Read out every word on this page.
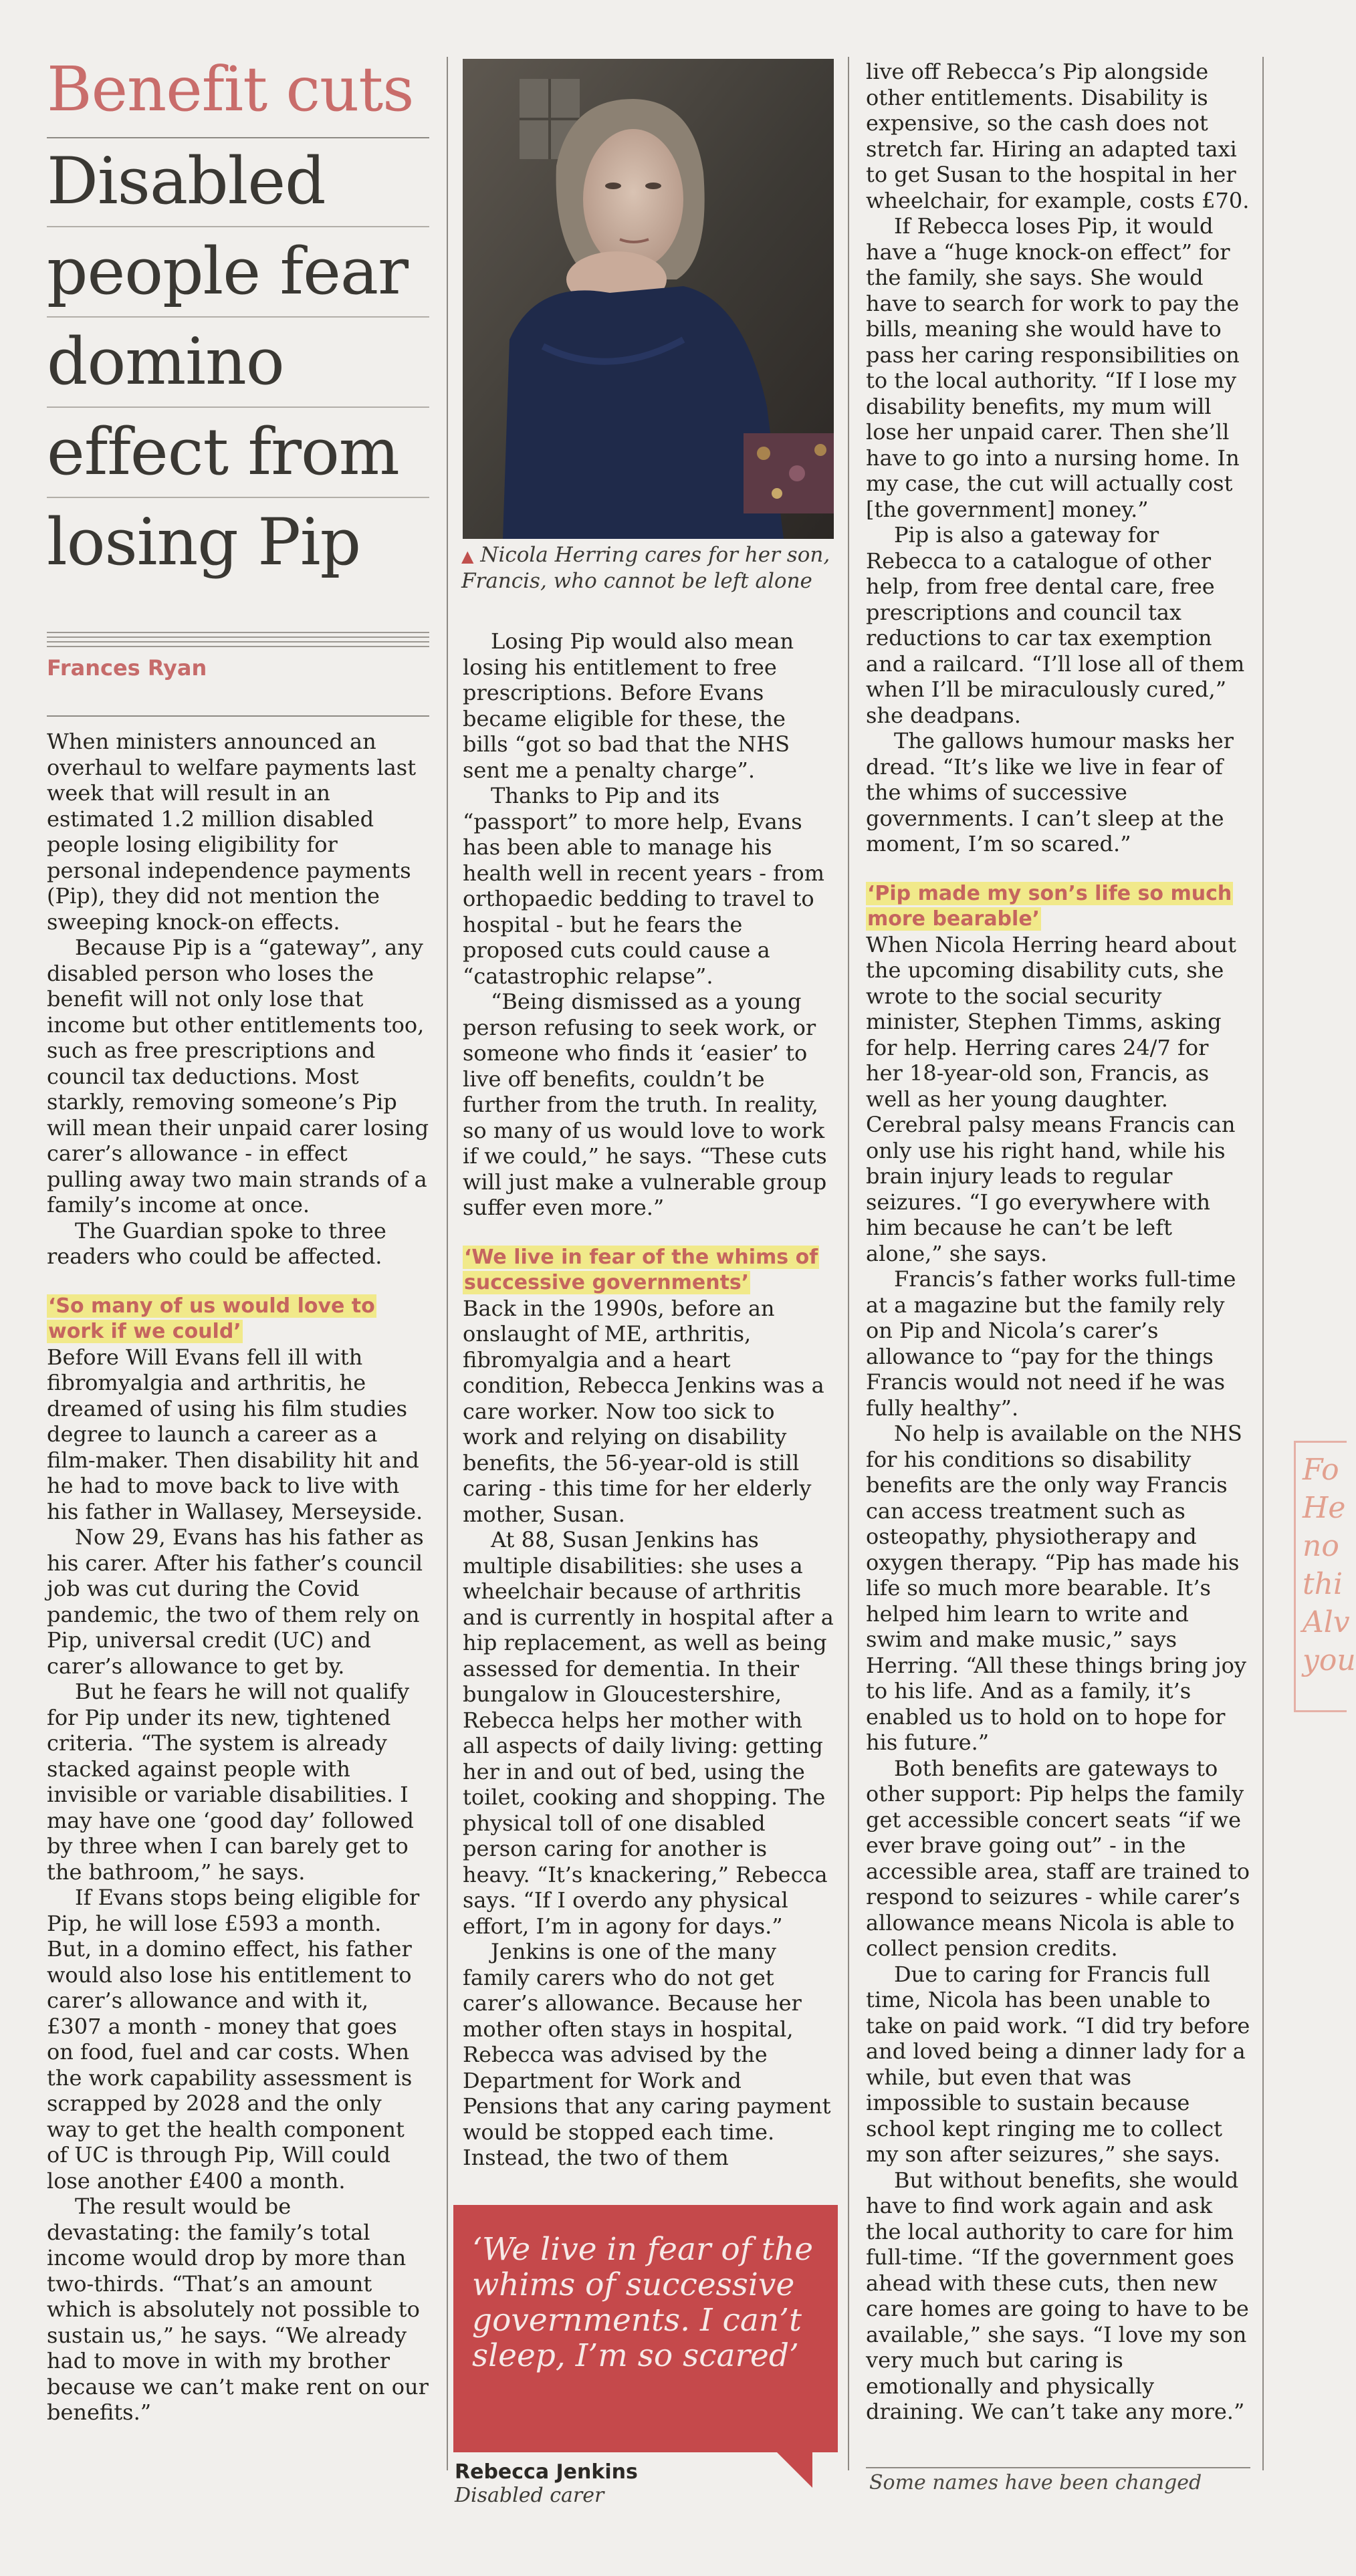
Benefit cuts
Disabled
people fear
domino
effect from
losing Pip
Frances Ryan

When ministers announced an overhaul to welfare payments last week that will result in an estimated 1.2 million disabled people losing eligibility for personal independence payments (Pip), they did not mention the sweeping knock-on effects.

Because Pip is a “gateway”, any disabled person who loses the benefit will not only lose that income but other entitlements too, such as free prescriptions and council tax deductions. Most starkly, removing someone’s Pip will mean their unpaid carer losing carer’s allowance - in effect pulling away two main strands of a family’s income at once.

The Guardian spoke to three readers who could be affected.

‘So many of us would love to work if we could’

Before Will Evans fell ill with fibromyalgia and arthritis, he dreamed of using his film studies degree to launch a career as a film-maker. Then disability hit and he had to move back to live with his father in Wallasey, Merseyside.

Now 29, Evans has his father as his carer. After his father’s council job was cut during the Covid pandemic, the two of them rely on Pip, universal credit (UC) and carer’s allowance to get by.

But he fears he will not qualify for Pip under its new, tightened criteria. “The system is already stacked against people with invisible or variable disabilities. I may have one ‘good day’ followed by three when I can barely get to the bathroom,” he says.

If Evans stops being eligible for Pip, he will lose £593 a month. But, in a domino effect, his father would also lose his entitlement to carer’s allowance and with it, £307 a month - money that goes on food, fuel and car costs. When the work capability assessment is scrapped by 2028 and the only way to get the health component of UC is through Pip, Will could lose another £400 a month.

The result would be devastating: the family’s total income would drop by more than two-thirds. “That’s an amount which is absolutely not possible to sustain us,” he says. “We already had to move in with my brother because we can’t make rent on our benefits.”

▲ Nicola Herring cares for her son,
Francis, who cannot be left alone

Losing Pip would also mean losing his entitlement to free prescriptions. Before Evans became eligible for these, the bills “got so bad that the NHS sent me a penalty charge”.

Thanks to Pip and its “passport” to more help, Evans has been able to manage his health well in recent years - from orthopaedic bedding to travel to hospital - but he fears the proposed cuts could cause a “catastrophic relapse”.

“Being dismissed as a young person refusing to seek work, or someone who finds it ‘easier’ to live off benefits, couldn’t be further from the truth. In reality, so many of us would love to work if we could,” he says. “These cuts will just make a vulnerable group suffer even more.”

‘We live in fear of the whims of successive governments’

Back in the 1990s, before an onslaught of ME, arthritis, fibromyalgia and a heart condition, Rebecca Jenkins was a care worker. Now too sick to work and relying on disability benefits, the 56-year-old is still caring - this time for her elderly mother, Susan.

At 88, Susan Jenkins has multiple disabilities: she uses a wheelchair because of arthritis and is currently in hospital after a hip replacement, as well as being assessed for dementia. In their bungalow in Gloucestershire, Rebecca helps her mother with all aspects of daily living: getting her in and out of bed, using the toilet, cooking and shopping. The physical toll of one disabled person caring for another is heavy. “It’s knackering,” Rebecca says. “If I overdo any physical effort, I’m in agony for days.”

Jenkins is one of the many family carers who do not get carer’s allowance. Because her mother often stays in hospital, Rebecca was advised by the Department for Work and Pensions that any caring payment would be stopped each time. Instead, the two of them

‘We live in fear of the whims of successive governments. I can’t sleep, I’m so scared’
Rebecca Jenkins
Disabled carer

live off Rebecca’s Pip alongside other entitlements. Disability is expensive, so the cash does not stretch far. Hiring an adapted taxi to get Susan to the hospital in her wheelchair, for example, costs £70.

If Rebecca loses Pip, it would have a “huge knock-on effect” for the family, she says. She would have to search for work to pay the bills, meaning she would have to pass her caring responsibilities on to the local authority. “If I lose my disability benefits, my mum will lose her unpaid carer. Then she’ll have to go into a nursing home. In my case, the cut will actually cost [the government] money.”

Pip is also a gateway for Rebecca to a catalogue of other help, from free dental care, free prescriptions and council tax reductions to car tax exemption and a railcard. “I’ll lose all of them when I’ll be miraculously cured,” she deadpans.

The gallows humour masks her dread. “It’s like we live in fear of the whims of successive governments. I can’t sleep at the moment, I’m so scared.”

‘Pip made my son’s life so much more bearable’

When Nicola Herring heard about the upcoming disability cuts, she wrote to the social security minister, Stephen Timms, asking for help. Herring cares 24/7 for her 18-year-old son, Francis, as well as her young daughter. Cerebral palsy means Francis can only use his right hand, while his brain injury leads to regular seizures. “I go everywhere with him because he can’t be left alone,” she says.

Francis’s father works full-time at a magazine but the family rely on Pip and Nicola’s carer’s allowance to “pay for the things Francis would not need if he was fully healthy”.

No help is available on the NHS for his conditions so disability benefits are the only way Francis can access treatment such as osteopathy, physiotherapy and oxygen therapy. “Pip has made his life so much more bearable. It’s helped him learn to write and swim and make music,” says Herring. “All these things bring joy to his life. And as a family, it’s enabled us to hold on to hope for his future.”

Both benefits are gateways to other support: Pip helps the family get accessible concert seats “if we ever brave going out” - in the accessible area, staff are trained to respond to seizures - while carer’s allowance means Nicola is able to collect pension credits.

Due to caring for Francis full time, Nicola has been unable to take on paid work. “I did try before and loved being a dinner lady for a while, but even that was impossible to sustain because school kept ringing me to collect my son after seizures,” she says.

But without benefits, she would have to find work again and ask the local authority to care for him full-time. “If the government goes ahead with these cuts, then new care homes are going to have to be available,” she says. “I love my son very much but caring is emotionally and physically draining. We can’t take any more.”

Some names have been changed
Fo
He
no
thi
Alv
you
